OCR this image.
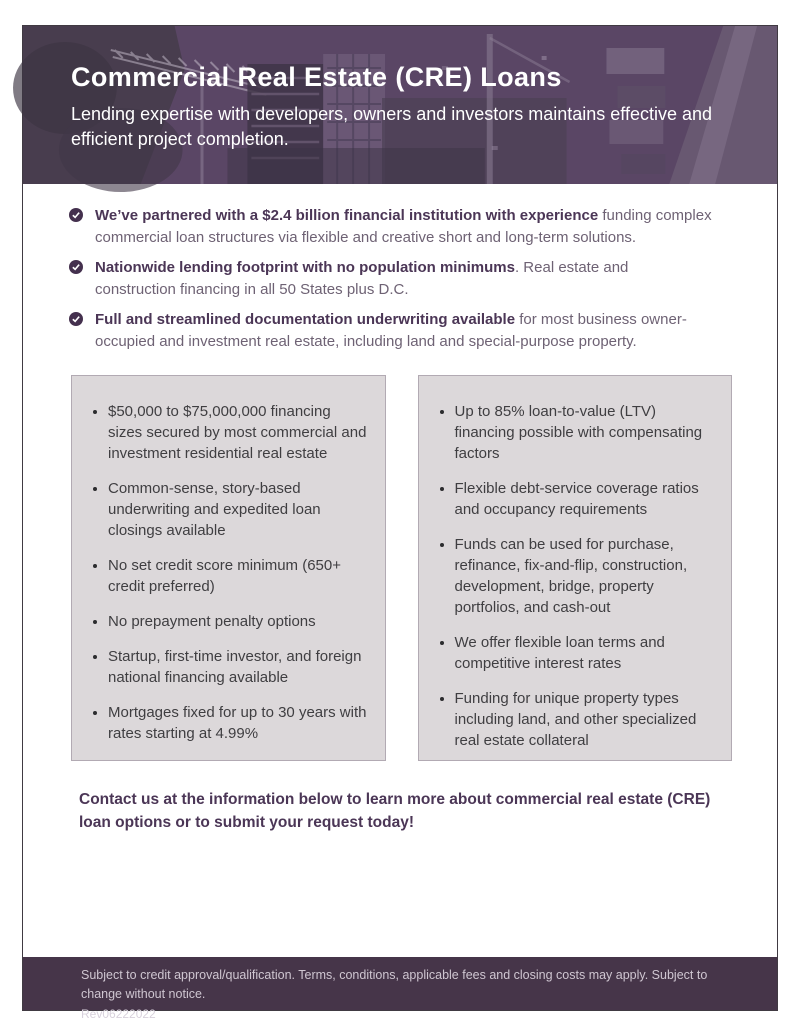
Commercial Real Estate (CRE) Loans

Lending expertise with developers, owners and investors maintains effective and efficient project completion.

We’ve partnered with a $2.4 billion financial institution with experience funding complex commercial loan structures via flexible and creative short and long-term solutions.
Nationwide lending footprint with no population minimums. Real estate and construction financing in all 50 States plus D.C.
Full and streamlined documentation underwriting available for most business owner-occupied and investment real estate, including land and special-purpose property.
• $50,000 to $75,000,000 financing sizes secured by most commercial and investment residential real estate
• Common-sense, story-based underwriting and expedited loan closings available
• No set credit score minimum (650+ credit preferred)
• No prepayment penalty options
• Startup, first-time investor, and foreign national financing available
• Mortgages fixed for up to 30 years with rates starting at 4.99%
• Up to 85% loan-to-value (LTV) financing possible with compensating factors
• Flexible debt-service coverage ratios and occupancy requirements
• Funds can be used for purchase, refinance, fix-and-flip, construction, development, bridge, property portfolios, and cash-out
• We offer flexible loan terms and competitive interest rates
• Funding for unique property types including land, and other specialized real estate collateral

Contact us at the information below to learn more about commercial real estate (CRE) loan options or to submit your request today!

Subject to credit approval/qualification. Terms, conditions, applicable fees and closing costs may apply. Subject to change without notice.
Rev06222022
